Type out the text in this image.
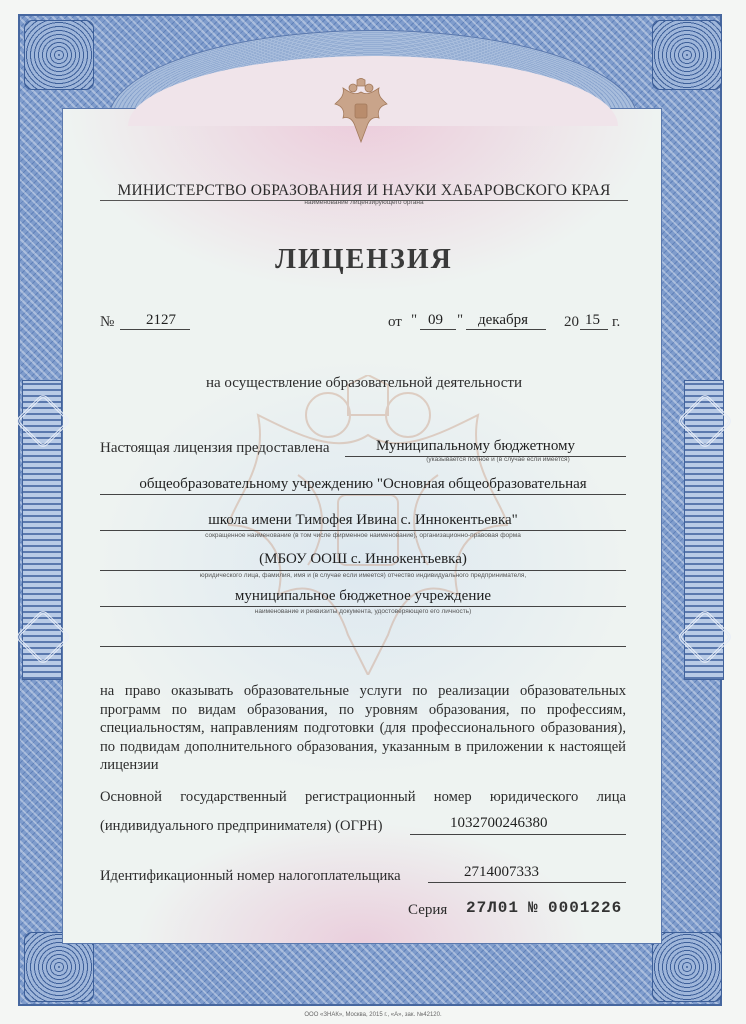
МИНИСТЕРСТВО ОБРАЗОВАНИЯ И НАУКИ ХАБАРОВСКОГО КРАЯ
наименование лицензирующего органа
ЛИЦЕНЗИЯ
№ 2127	от " 09 " декабря 20 15 г.
на осуществление образовательной деятельности
Настоящая лицензия предоставлена	Муниципальному бюджетному
(указывается полное и (в случае если имеется)
общеобразовательному учреждению "Основная общеобразовательная
школа имени Тимофея Ивина с. Иннокентьевка"
сокращенное наименование (в том числе фирменное наименование), организационно-правовая форма
(МБОУ ООШ с. Иннокентьевка)
юридического лица, фамилия, имя и (в случае если имеется) отчество индивидуального предпринимателя,
муниципальное бюджетное учреждение
наименование и реквизиты документа, удостоверяющего его личность)
на право оказывать образовательные услуги по реализации образовательных программ по видам образования, по уровням образования, по профессиям, специальностям, направлениям подготовки (для профессионального образования), по подвидам дополнительного образования, указанным в приложении к настоящей лицензии
Основной государственный регистрационный номер юридического лица
(индивидуального предпринимателя) (ОГРН)	1032700246380
Идентификационный номер налогоплательщика	2714007333
Серия 27Л01 № 0001226
ООО «ЗНАК», Москва, 2015 г., «А», зак. №42120.
